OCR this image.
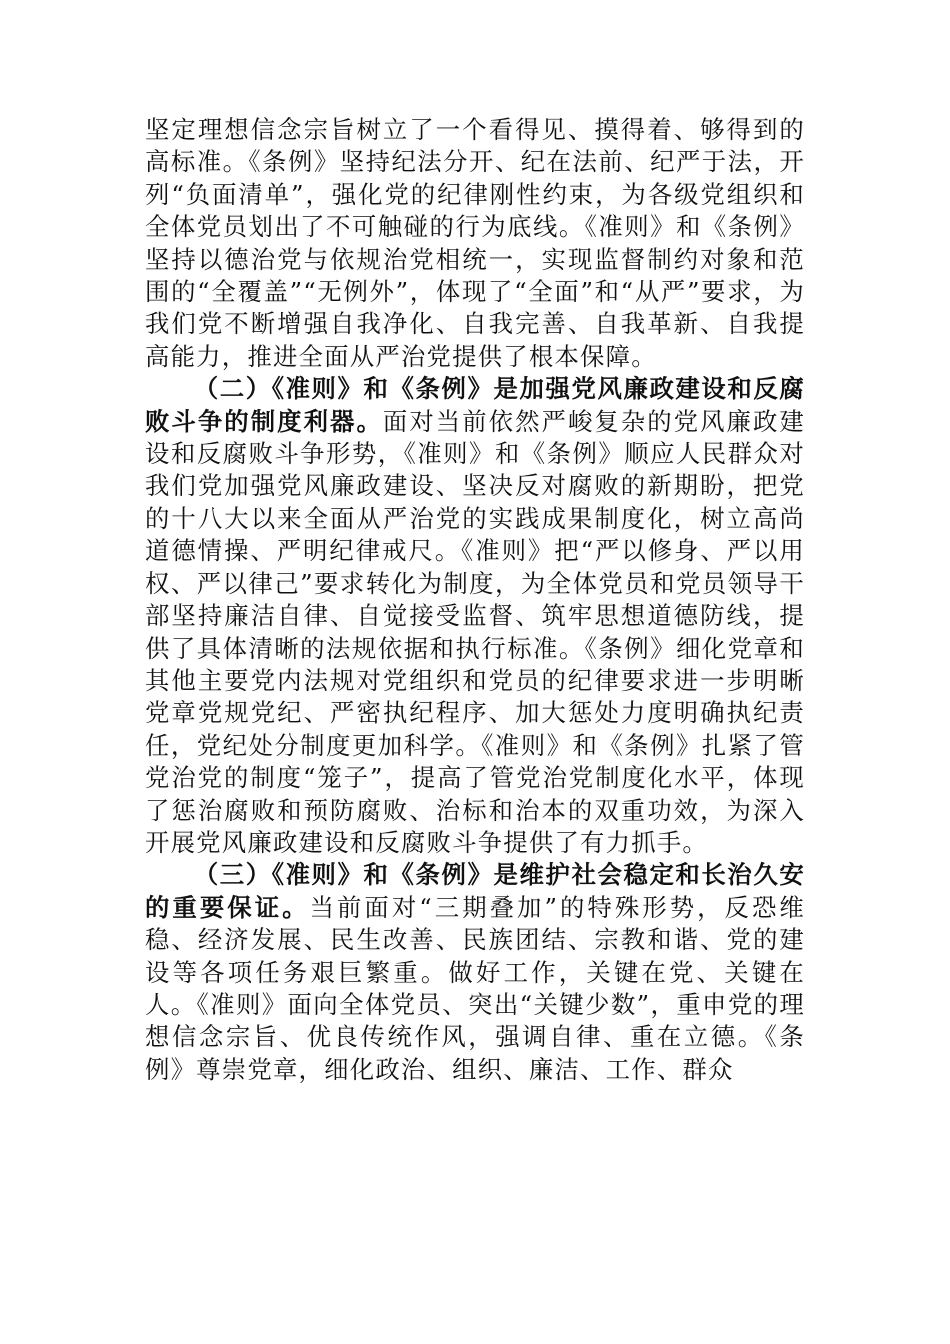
坚定理想信念宗旨树立了一个看得见、摸得着、够得到的高标准。《条例》坚持纪法分开、纪在法前、纪严于法，开列“负面清单”，强化党的纪律刚性约束，为各级党组织和全体党员划出了不可触碰的行为底线。《准则》和《条例》坚持以德治党与依规治党相统一，实现监督制约对象和范围的“全覆盖”“无例外”，体现了“全面”和“从严”要求，为我们党不断增强自我净化、自我完善、自我革新、自我提高能力，推进全面从严治党提供了根本保障。

（二）《准则》和《条例》是加强党风廉政建设和反腐败斗争的制度利器。面对当前依然严峻复杂的党风廉政建设和反腐败斗争形势，《准则》和《条例》顺应人民群众对我们党加强党风廉政建设、坚决反对腐败的新期盼，把党的十八大以来全面从严治党的实践成果制度化，树立高尚道德情操、严明纪律戒尺。《准则》把“严以修身、严以用权、严以律己”要求转化为制度，为全体党员和党员领导干部坚持廉洁自律、自觉接受监督、筑牢思想道德防线，提供了具体清晰的法规依据和执行标准。《条例》细化党章和其他主要党内法规对党组织和党员的纪律要求进一步明晰党章党规党纪、严密执纪程序、加大惩处力度明确执纪责任，党纪处分制度更加科学。《准则》和《条例》扎紧了管党治党的制度“笼子”，提高了管党治党制度化水平，体现了惩治腐败和预防腐败、治标和治本的双重功效，为深入开展党风廉政建设和反腐败斗争提供了有力抓手。

（三）《准则》和《条例》是维护社会稳定和长治久安的重要保证。当前面对“三期叠加”的特殊形势，反恐维稳、经济发展、民生改善、民族团结、宗教和谐、党的建设等各项任务艰巨繁重。做好工作，关键在党、关键在人。《准则》面向全体党员、突出“关键少数”，重申党的理想信念宗旨、优良传统作风，强调自律、重在立德。《条例》尊崇党章，细化政治、组织、廉洁、工作、群众
